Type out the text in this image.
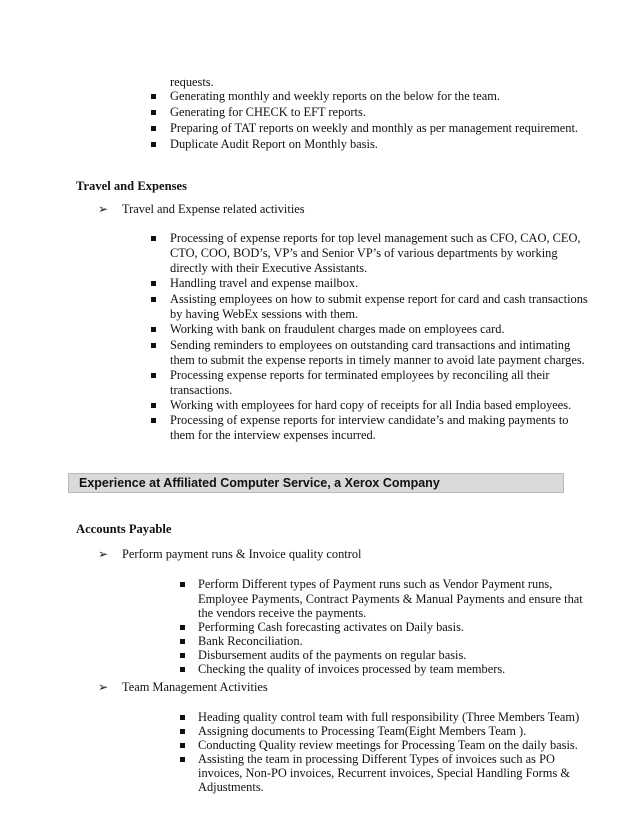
requests.
Generating monthly and weekly reports on the below for the team.
Generating for CHECK to EFT reports.
Preparing of TAT reports on weekly and monthly as per management requirement.
Duplicate Audit Report on Monthly basis.
Travel and Expenses
➢ Travel and Expense related activities
Processing of expense reports for top level management such as CFO, CAO, CEO,
CTO, COO, BOD’s, VP’s and Senior VP’s of various departments by working
directly with their Executive Assistants.
Handling travel and expense mailbox.
Assisting employees on how to submit expense report for card and cash transactions
by having WebEx sessions with them.
Working with bank on fraudulent charges made on employees card.
Sending reminders to employees on outstanding card transactions and intimating
them to submit the expense reports in timely manner to avoid late payment charges.
Processing expense reports for terminated employees by reconciling all their
transactions.
Working with employees for hard copy of receipts for all India based employees.
Processing of expense reports for interview candidate’s and making payments to
them for the interview expenses incurred.
Experience at Affiliated Computer Service, a Xerox Company
Accounts Payable
➢ Perform payment runs & Invoice quality control
Perform Different types of Payment runs such as Vendor Payment runs,
Employee Payments, Contract Payments & Manual Payments and ensure that
the vendors receive the payments.
Performing Cash forecasting activates on Daily basis.
Bank Reconciliation.
Disbursement audits of the payments on regular basis.
Checking the quality of invoices processed by team members.
➢ Team Management Activities
Heading quality control team with full responsibility (Three Members Team)
Assigning documents to Processing Team(Eight Members Team ).
Conducting Quality review meetings for Processing Team on the daily basis.
Assisting the team in processing Different Types of invoices such as PO
invoices, Non-PO invoices, Recurrent invoices, Special Handling Forms &
Adjustments.
